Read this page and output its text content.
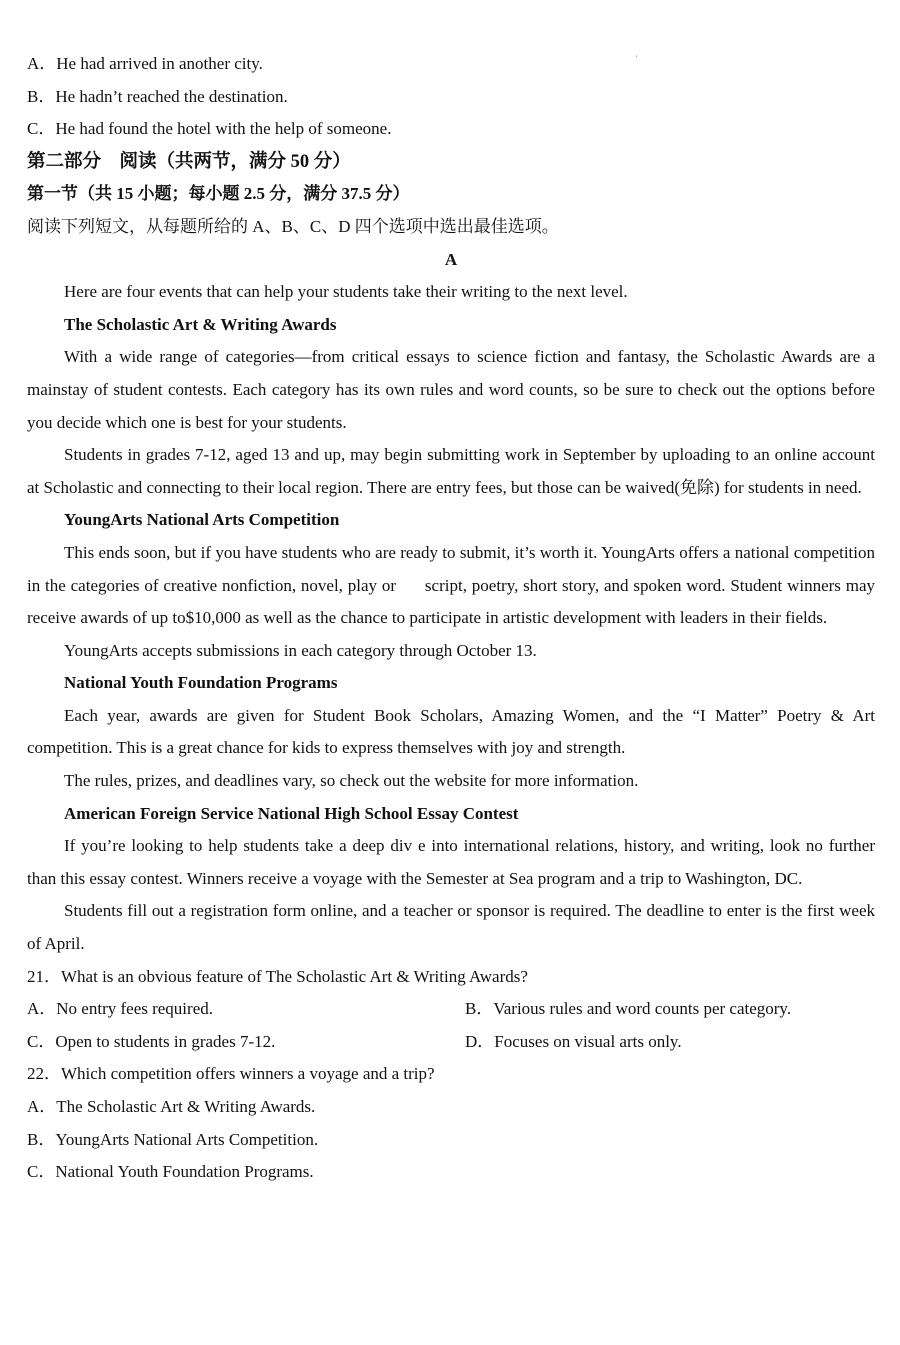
'
A．He had arrived in another city.
B．He hadn’t reached the destination.
C．He had found the hotel with the help of someone.
第二部分　阅读（共两节，满分 50 分）
第一节（共 15 小题；每小题 2.5 分，满分 37.5 分）
阅读下列短文，从每题所给的 A、B、C、D 四个选项中选出最佳选项。
A
Here are four events that can help your students take their writing to the next level.
The Scholastic Art & Writing Awards
With a wide range of categories—from critical essays to science fiction and fantasy, the Scholastic Awards are a mainstay of student contests. Each category has its own rules and word counts, so be sure to check out the options before you decide which one is best for your students.
Students in grades 7-12, aged 13 and up, may begin submitting work in September by uploading to an online account at Scholastic and connecting to their local region. There are entry fees, but those can be waived(免除) for students in need.
YoungArts National Arts Competition
This ends soon, but if you have students who are ready to submit, it’s worth it. YoungArts offers a national competition in the categories of creative nonfiction, novel, play or      script, poetry, short story, and spoken word. Student winners may receive awards of up to$10,000 as well as the chance to participate in artistic development with leaders in their fields.
YoungArts accepts submissions in each category through October 13.
National Youth Foundation Programs
Each year, awards are given for Student Book Scholars, Amazing Women, and the “I Matter” Poetry & Art competition. This is a great chance for kids to express themselves with joy and strength.
The rules, prizes, and deadlines vary, so check out the website for more information.
American Foreign Service National High School Essay Contest
If you’re looking to help students take a deep div e into international relations, history, and writing, look no further than this essay contest. Winners receive a voyage with the Semester at Sea program and a trip to Washington, DC.
Students fill out a registration form online, and a teacher or sponsor is required. The deadline to enter is the first week of April.
21．What is an obvious feature of The Scholastic Art & Writing Awards?
A．No entry fees required.	B．Various rules and word counts per category.
C．Open to students in grades 7-12.	D．Focuses on visual arts only.
22．Which competition offers winners a voyage and a trip?
A．The Scholastic Art & Writing Awards.
B．YoungArts National Arts Competition.
C．National Youth Foundation Programs.
